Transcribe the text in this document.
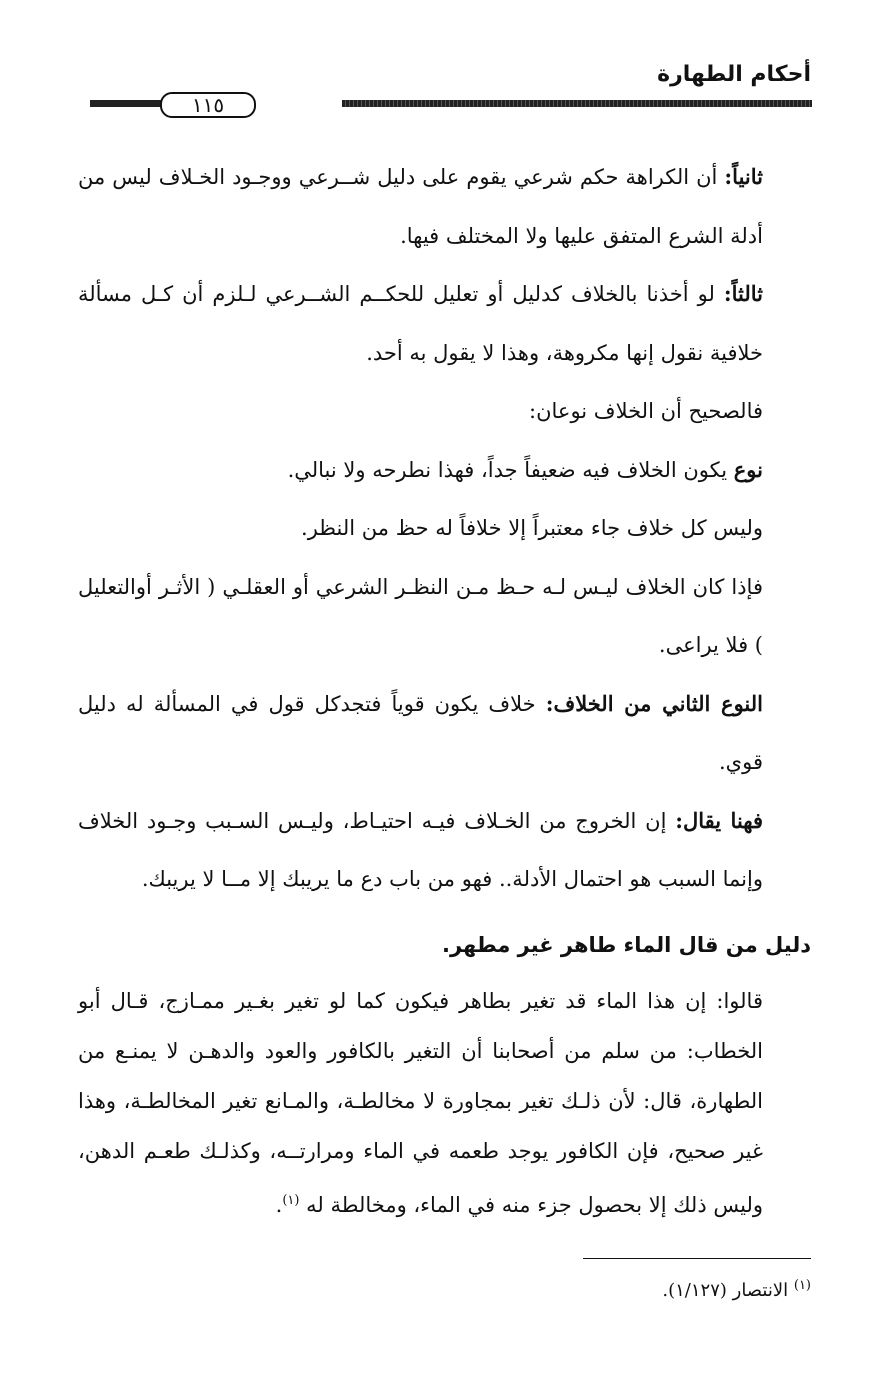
أحكام الطهارة
١١٥

ثانياً: أن الكراهة حكم شرعي يقوم على دليل شــرعي ووجـود الخـلاف ليس من أدلة الشرع المتفق عليها ولا المختلف فيها.

ثالثاً: لو أخذنا بالخلاف كدليل أو تعليل للحكــم الشــرعي لـلزم أن كـل مسألة خلافية نقول إنها مكروهة، وهذا لا يقول به أحد.

فالصحيح أن الخلاف نوعان:

نوع يكون الخلاف فيه ضعيفاً جداً، فهذا نطرحه ولا نبالي.

وليس كل خلاف جاء معتبراً إلا خلافاً له حظ من النظر.

فإذا كان الخلاف ليـس لـه حـظ مـن النظـر الشرعي أو العقلـي ( الأثـر أوالتعليل ) فلا يراعى.

النوع الثاني من الخلاف: خلاف يكون قوياً فتجدكل قول في المسألة له دليل قوي.

فهنا يقال: إن الخروج من الخـلاف فيـه احتيـاط، وليـس السـبب وجـود الخلاف وإنما السبب هو احتمال الأدلة.. فهو من باب دع ما يريبك إلا مــا لا يريبك.

دليل من قال الماء طاهر غير مطهر.

قالوا: إن هذا الماء قد تغير بطاهر فيكون كما لو تغير بغـير ممـازج، قـال أبو الخطاب: من سلم من أصحابنا أن التغير بالكافور والعود والدهـن لا يمنـع من الطهارة، قال: لأن ذلـك تغير بمجاورة لا مخالطـة، والمـانع تغير المخالطـة، وهذا غير صحيح، فإن الكافور يوجد طعمه في الماء ومرارتــه، وكذلـك طعـم الدهن، وليس ذلك إلا بحصول جزء منه في الماء، ومخالطة له $^{(١)}$.

$^{(١)}$ الانتصار (١/١٢٧).
